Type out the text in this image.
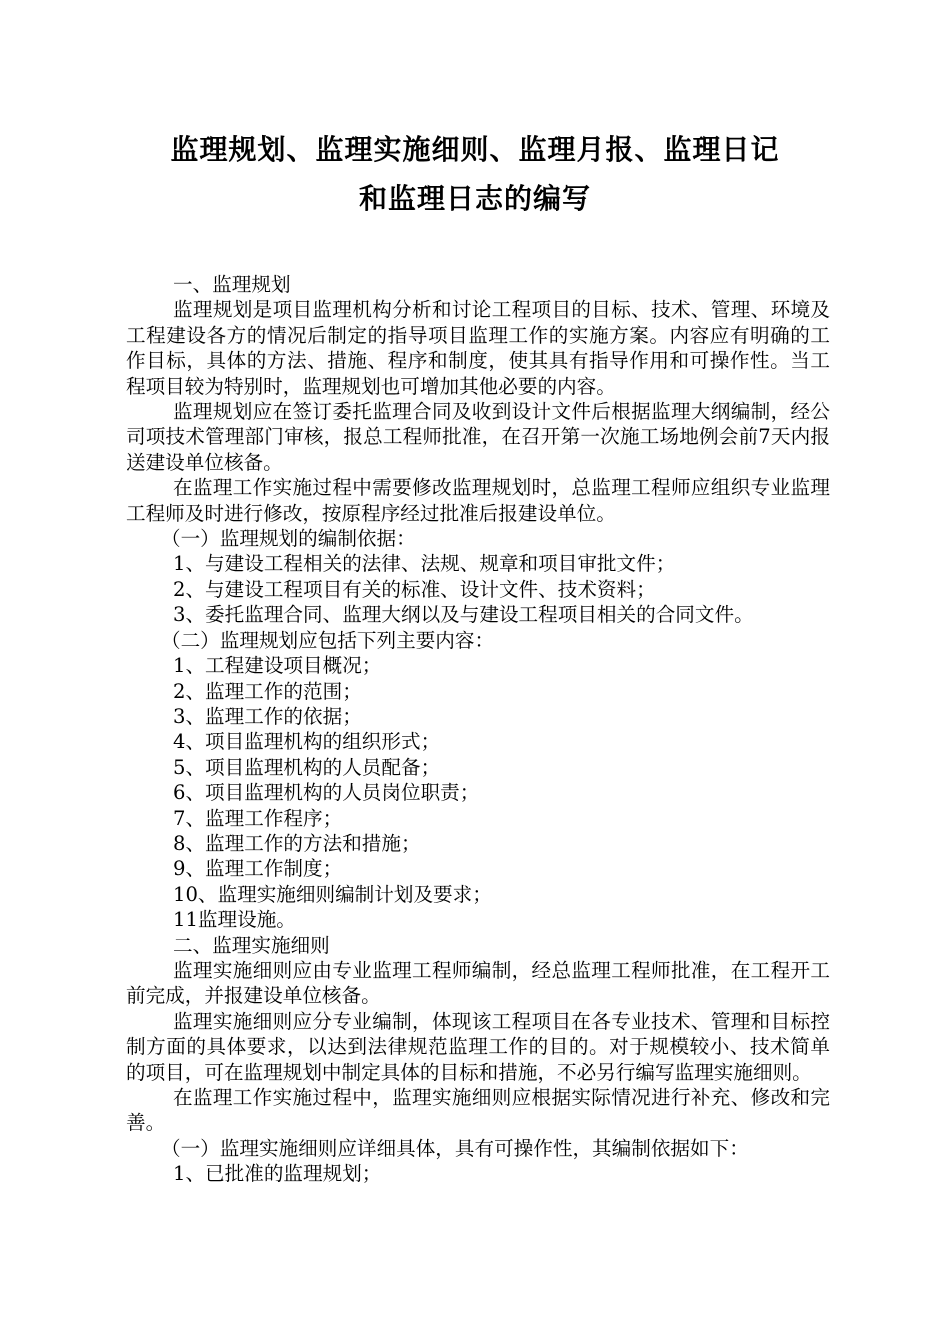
监理规划、监理实施细则、监理月报、监理日记
和监理日志的编写

一、监理规划

监理规划是项目监理机构分析和讨论工程项目的目标、技术、管理、环境及工程建设各方的情况后制定的指导项目监理工作的实施方案。内容应有明确的工作目标，具体的方法、措施、程序和制度，使其具有指导作用和可操作性。当工程项目较为特别时，监理规划也可增加其他必要的内容。

监理规划应在签订委托监理合同及收到设计文件后根据监理大纲编制，经公司项技术管理部门审核，报总工程师批准，在召开第一次施工场地例会前7天内报送建设单位核备。

在监理工作实施过程中需要修改监理规划时，总监理工程师应组织专业监理工程师及时进行修改，按原程序经过批准后报建设单位。

（一）监理规划的编制依据：

1、与建设工程相关的法律、法规、规章和项目审批文件；

2、与建设工程项目有关的标准、设计文件、技术资料；

3、委托监理合同、监理大纲以及与建设工程项目相关的合同文件。

（二）监理规划应包括下列主要内容：

1、工程建设项目概况；

2、监理工作的范围；

3、监理工作的依据；

4、项目监理机构的组织形式；

5、项目监理机构的人员配备；

6、项目监理机构的人员岗位职责；

7、监理工作程序；

8、监理工作的方法和措施；

9、监理工作制度；

10、监理实施细则编制计划及要求；

11监理设施。

二、监理实施细则

监理实施细则应由专业监理工程师编制，经总监理工程师批准，在工程开工前完成，并报建设单位核备。

监理实施细则应分专业编制，体现该工程项目在各专业技术、管理和目标控制方面的具体要求，以达到法律规范监理工作的目的。对于规模较小、技术简单的项目，可在监理规划中制定具体的目标和措施，不必另行编写监理实施细则。

在监理工作实施过程中，监理实施细则应根据实际情况进行补充、修改和完善。

（一）监理实施细则应详细具体，具有可操作性，其编制依据如下：

1、已批准的监理规划；
